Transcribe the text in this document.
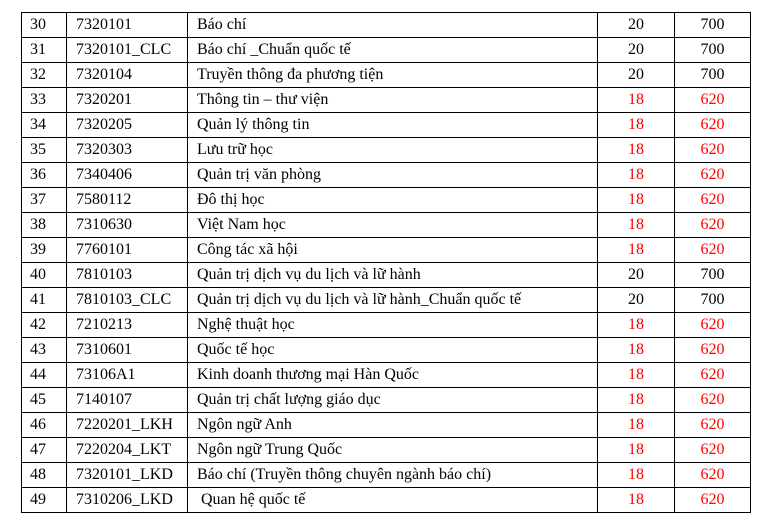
30	7320101	Báo chí	20	700
31	7320101_CLC	Báo chí _Chuẩn quốc tế	20	700
32	7320104	Truyền thông đa phương tiện	20	700
33	7320201	Thông tin – thư viện	18	620
34	7320205	Quản lý thông tin	18	620
35	7320303	Lưu trữ học	18	620
36	7340406	Quản trị văn phòng	18	620
37	7580112	Đô thị học	18	620
38	7310630	Việt Nam học	18	620
39	7760101	Công tác xã hội	18	620
40	7810103	Quản trị dịch vụ du lịch và lữ hành	20	700
41	7810103_CLC	Quản trị dịch vụ du lịch và lữ hành_Chuẩn quốc tế	20	700
42	7210213	Nghệ thuật học	18	620
43	7310601	Quốc tế học	18	620
44	73106A1	Kinh doanh thương mại Hàn Quốc	18	620
45	7140107	Quản trị chất lượng giáo dục	18	620
46	7220201_LKH	Ngôn ngữ Anh	18	620
47	7220204_LKT	Ngôn ngữ Trung Quốc	18	620
48	7320101_LKD	Báo chí (Truyền thông chuyên ngành báo chí)	18	620
49	7310206_LKD	Quan hệ quốc tế	18	620
